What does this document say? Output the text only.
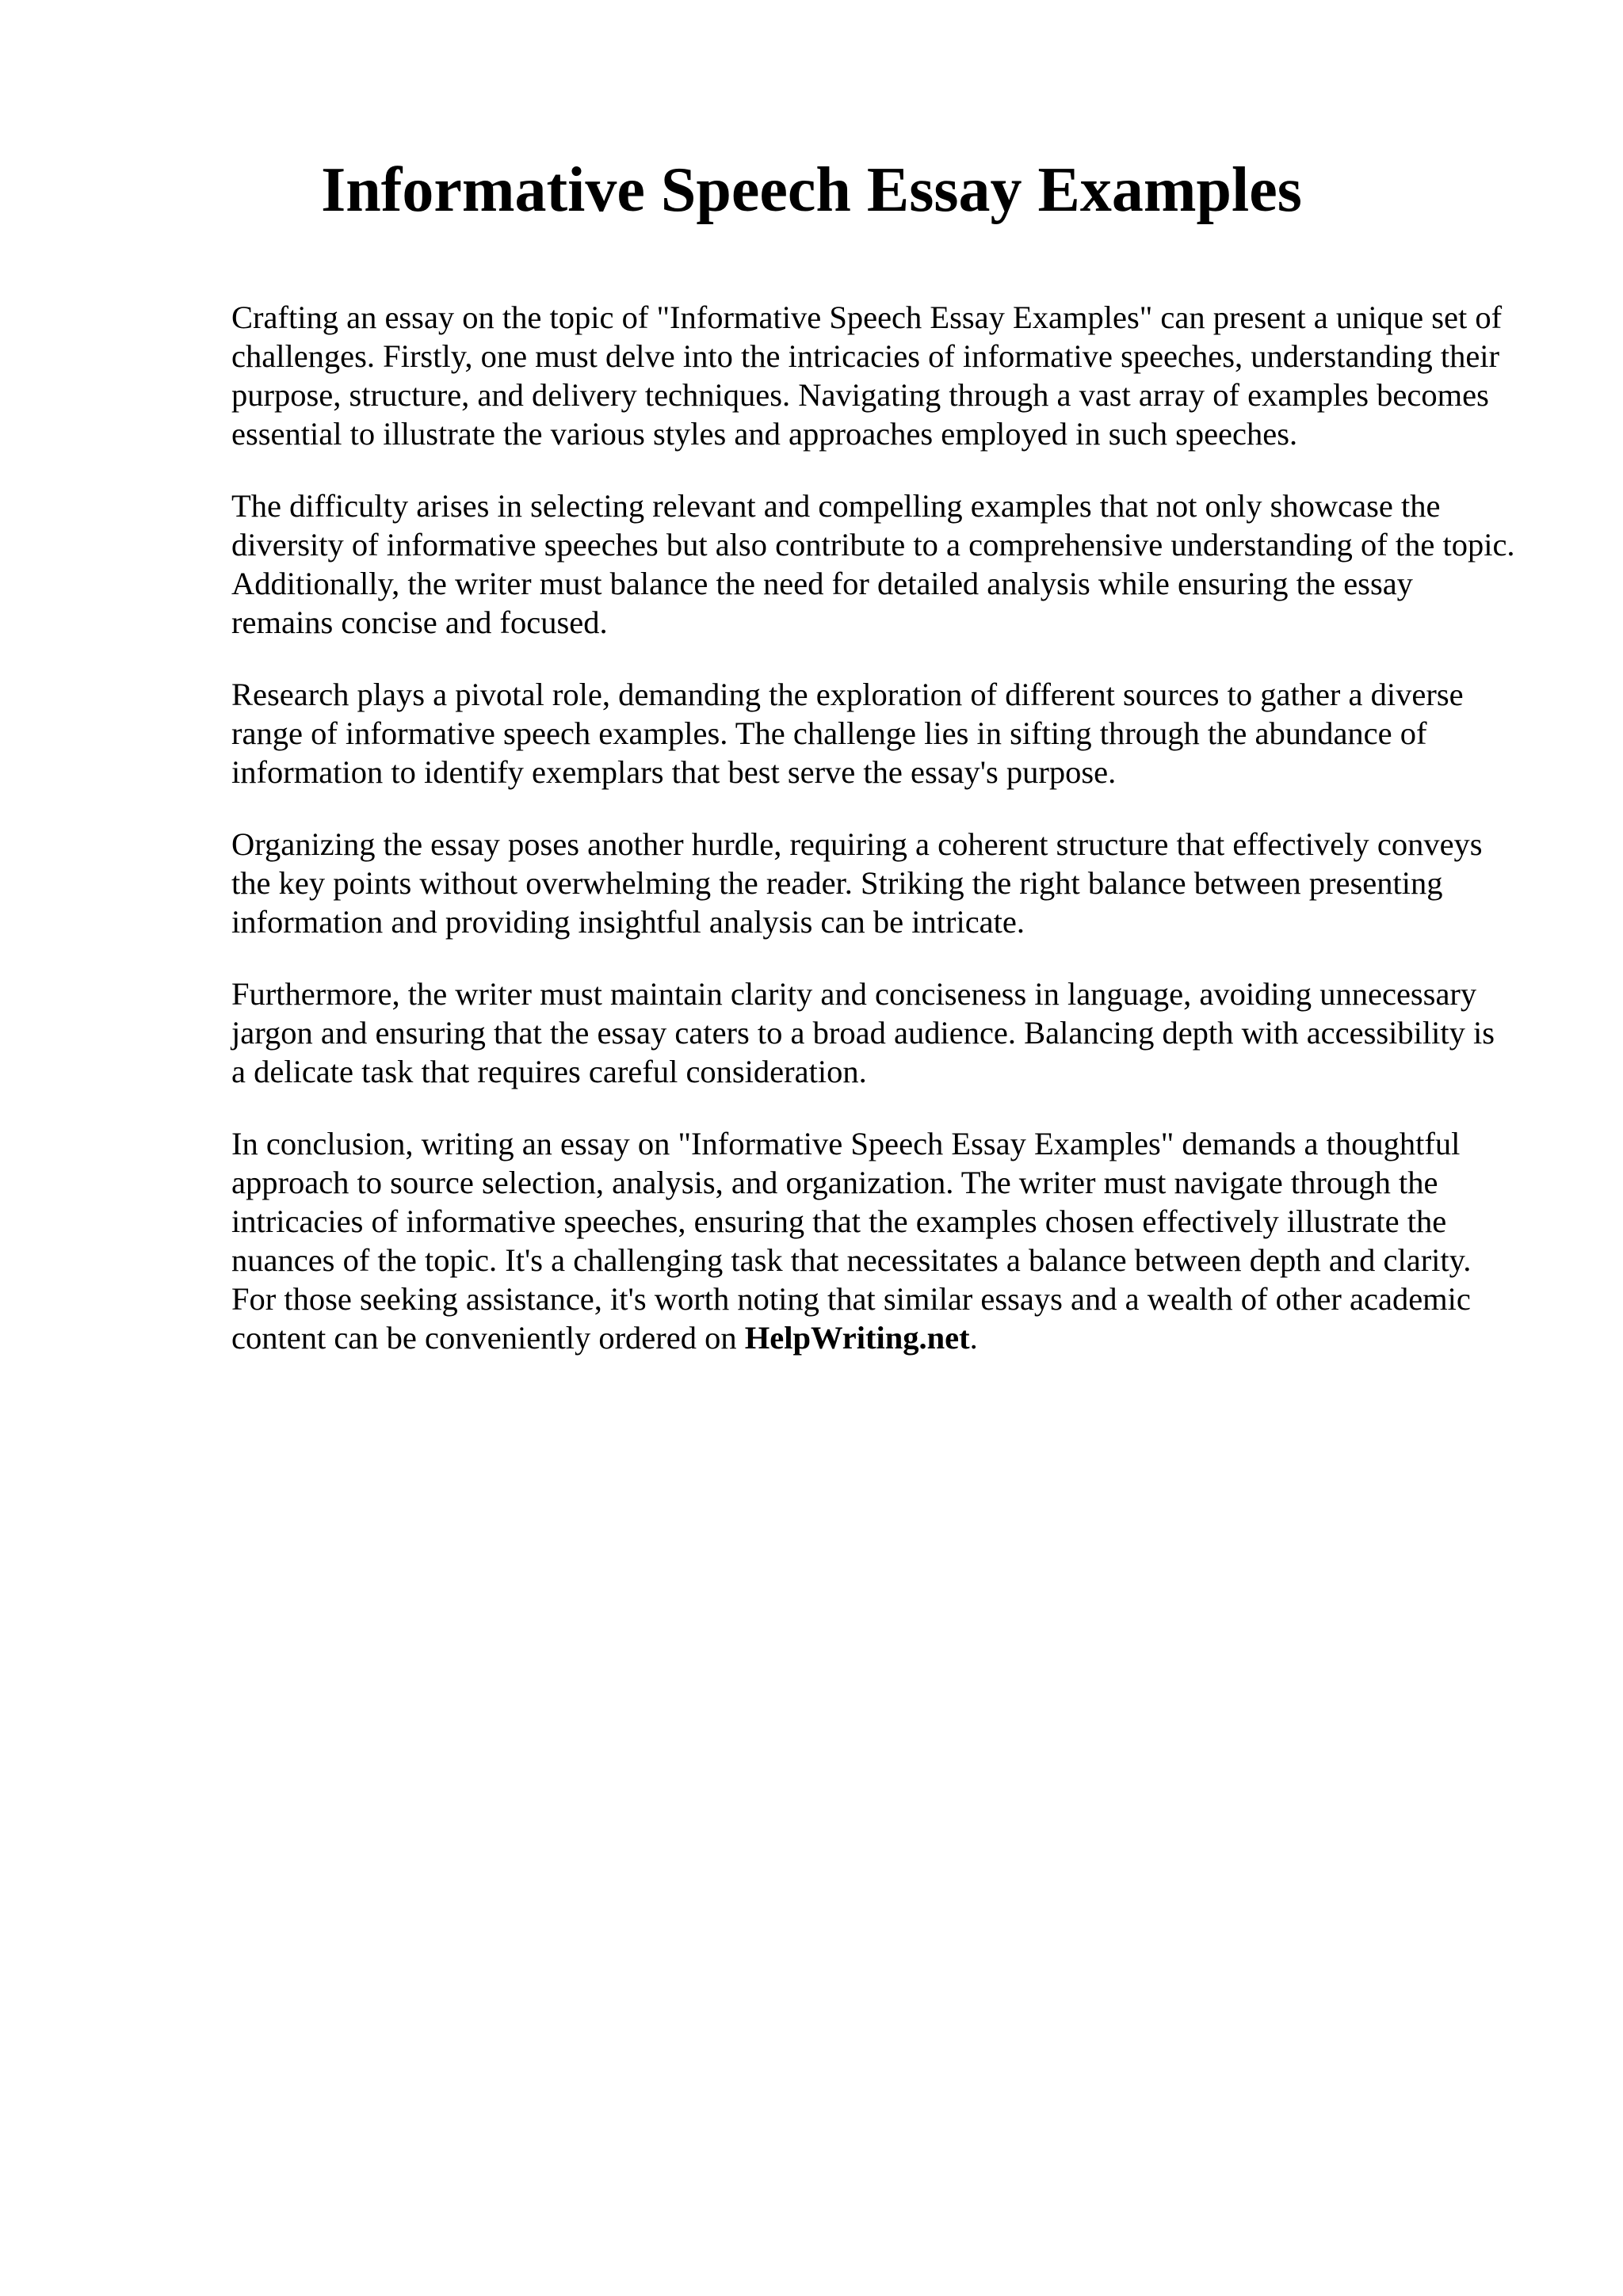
Informative Speech Essay Examples

Crafting an essay on the topic of "Informative Speech Essay Examples" can present a unique set of challenges. Firstly, one must delve into the intricacies of informative speeches, understanding their purpose, structure, and delivery techniques. Navigating through a vast array of examples becomes essential to illustrate the various styles and approaches employed in such speeches.

The difficulty arises in selecting relevant and compelling examples that not only showcase the diversity of informative speeches but also contribute to a comprehensive understanding of the topic. Additionally, the writer must balance the need for detailed analysis while ensuring the essay remains concise and focused.

Research plays a pivotal role, demanding the exploration of different sources to gather a diverse range of informative speech examples. The challenge lies in sifting through the abundance of information to identify exemplars that best serve the essay's purpose.

Organizing the essay poses another hurdle, requiring a coherent structure that effectively conveys the key points without overwhelming the reader. Striking the right balance between presenting information and providing insightful analysis can be intricate.

Furthermore, the writer must maintain clarity and conciseness in language, avoiding unnecessary jargon and ensuring that the essay caters to a broad audience. Balancing depth with accessibility is a delicate task that requires careful consideration.

In conclusion, writing an essay on "Informative Speech Essay Examples" demands a thoughtful approach to source selection, analysis, and organization. The writer must navigate through the intricacies of informative speeches, ensuring that the examples chosen effectively illustrate the nuances of the topic. It's a challenging task that necessitates a balance between depth and clarity. For those seeking assistance, it's worth noting that similar essays and a wealth of other academic content can be conveniently ordered on HelpWriting.net.
